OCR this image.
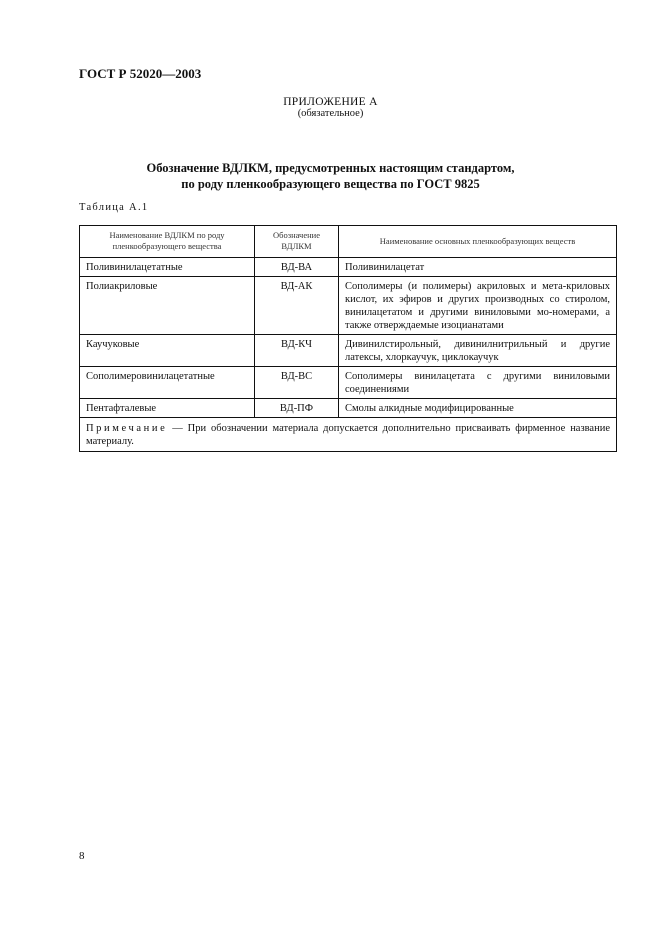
ГОСТ Р 52020—2003
ПРИЛОЖЕНИЕ А
(обязательное)
Обозначение ВДЛКМ, предусмотренных настоящим стандартом,
по роду пленкообразующего вещества по ГОСТ 9825
Таблица А.1
Наименование ВДЛКМ по роду пленкообразующего вещества	Обозначение ВДЛКМ	Наименование основных пленкообразующих веществ
Поливинилацетатные	ВД-ВА	Поливинилацетат
Полиакриловые	ВД-АК	Сополимеры (и полимеры) акриловых и мета-криловых кислот, их эфиров и других производных со стиролом, винилацетатом и другими виниловыми мо-номерами, а также отверждаемые изоцианатами
Каучуковые	ВД-КЧ	Дивинилстирольный, дивинилнитрильный и другие латексы, хлоркаучук, циклокаучук
Сополимеровинилацетатные	ВД-ВС	Сополимеры винилацетата с другими виниловыми соединениями
Пентафталевые	ВД-ПФ	Смолы алкидные модифицированные
Примечание — При обозначении материала допускается дополнительно присваивать фирменное название материалу.		
8
